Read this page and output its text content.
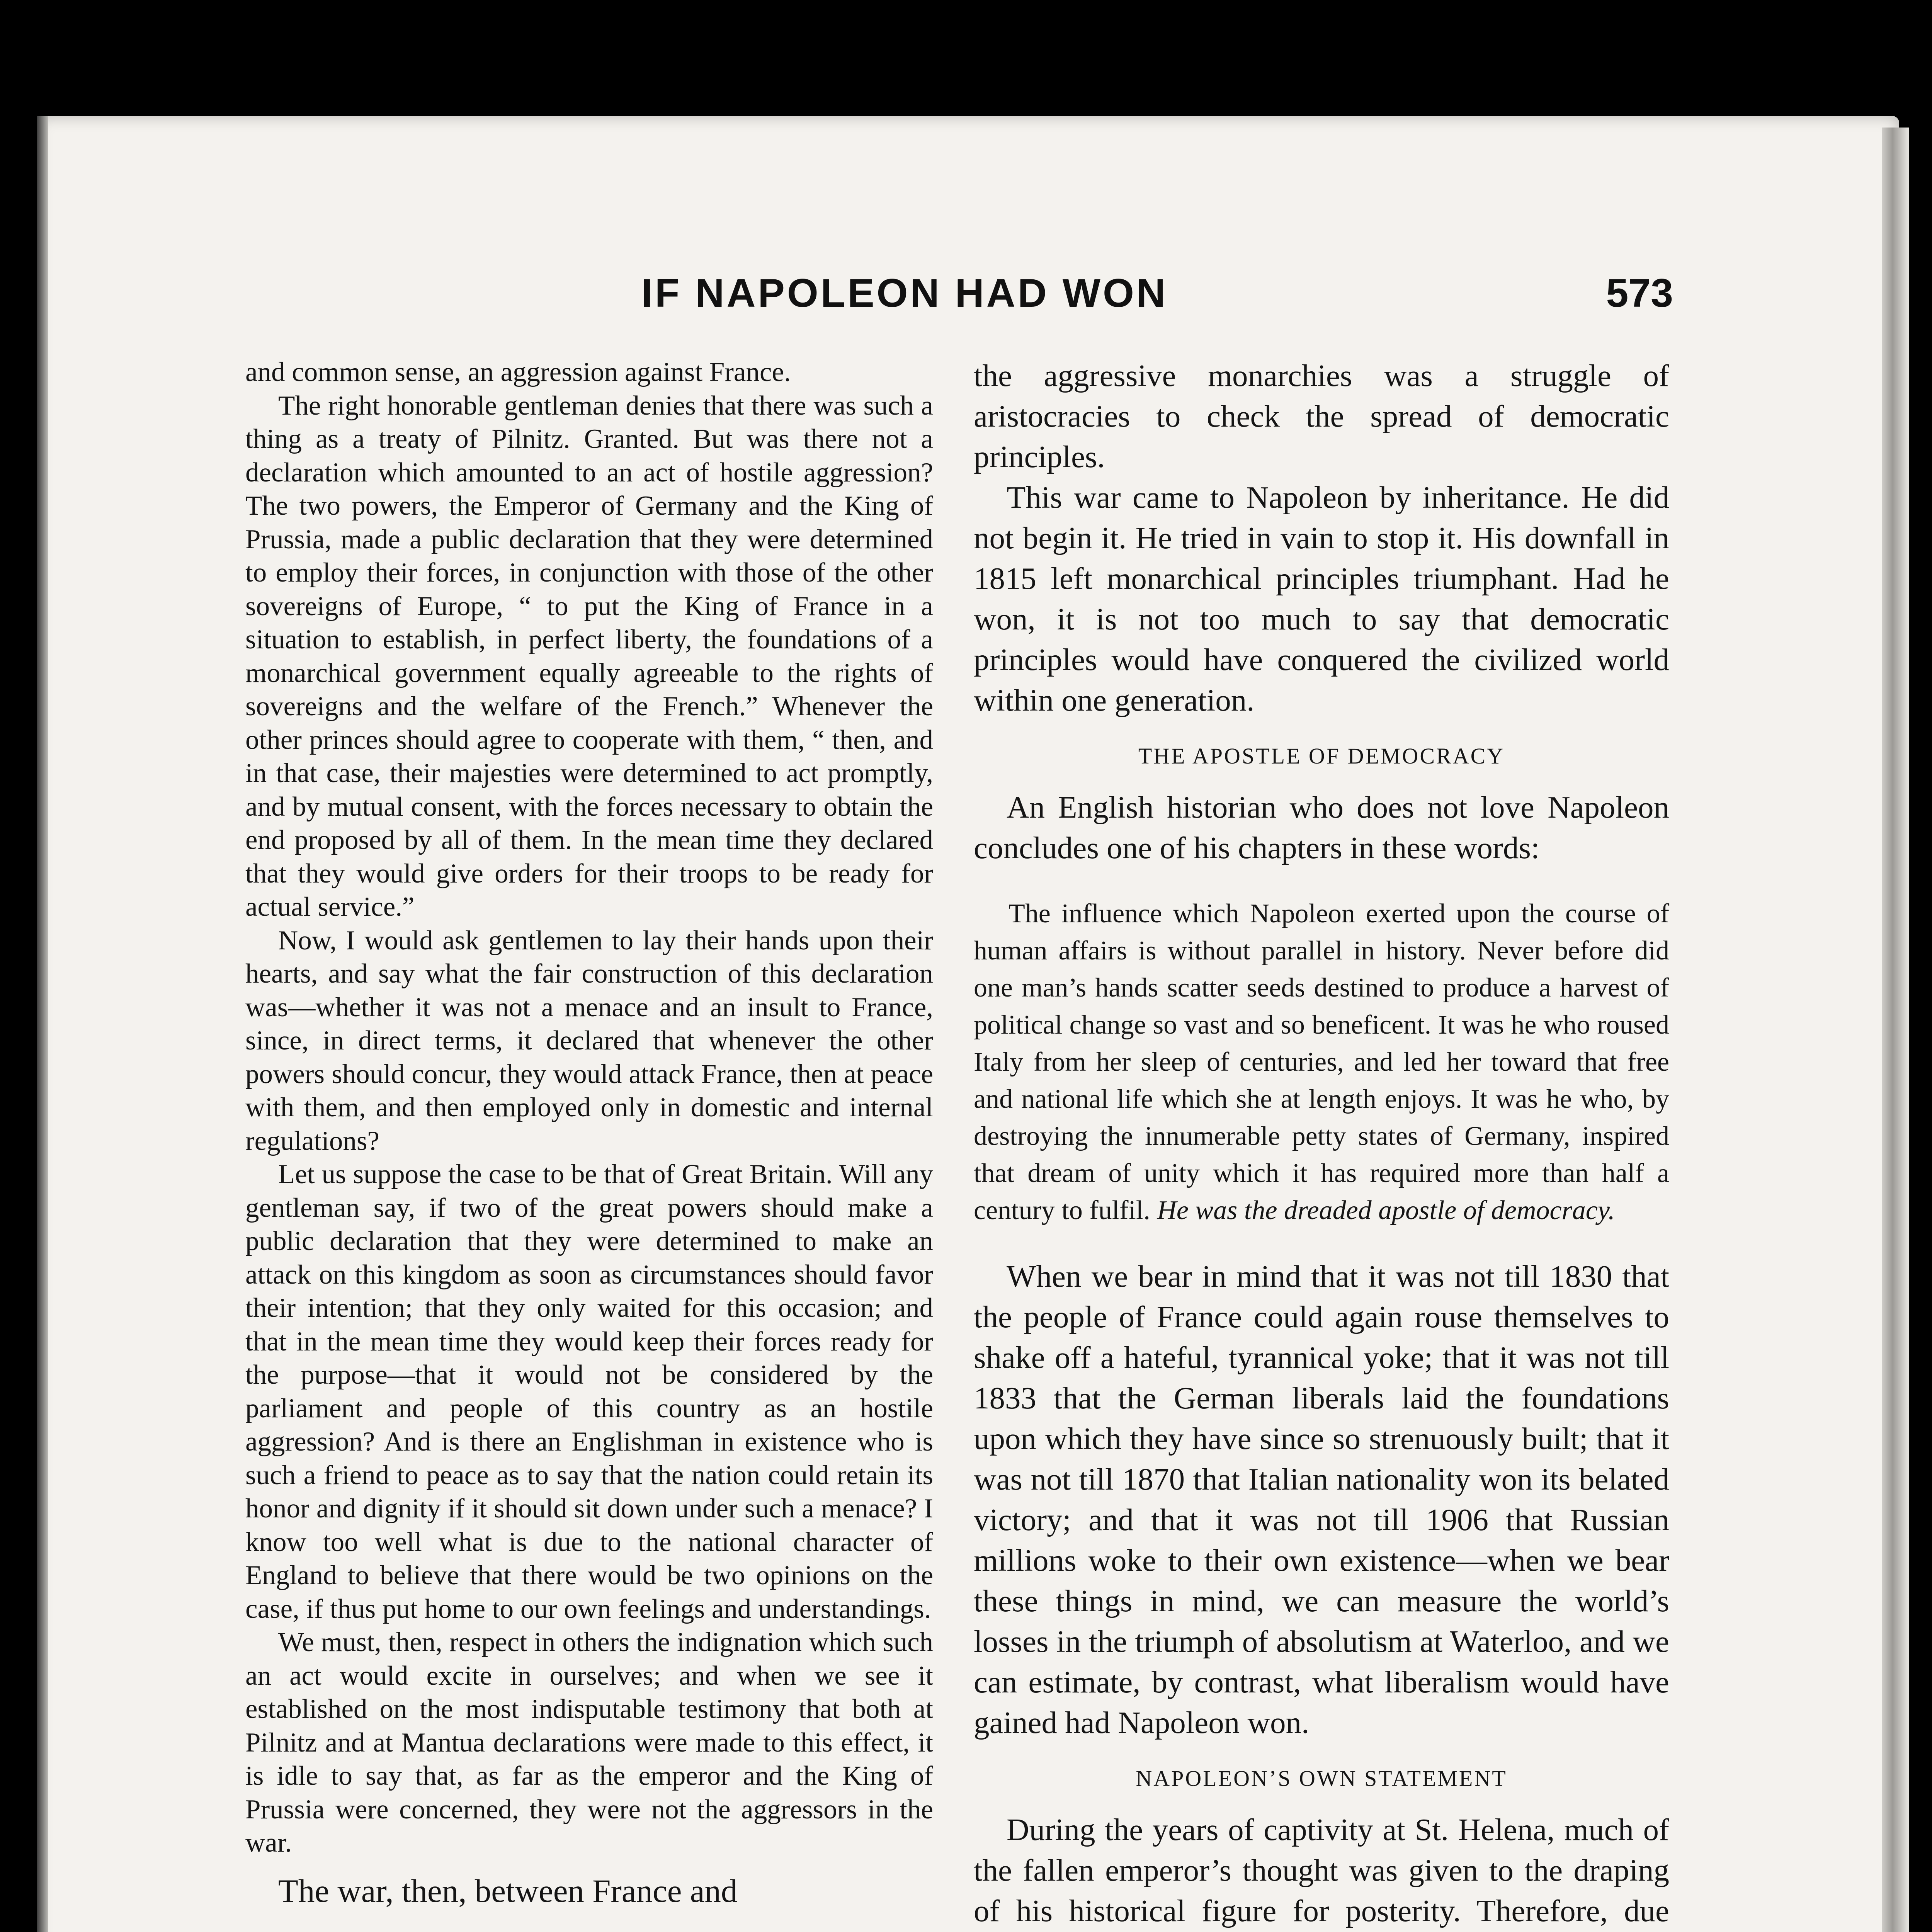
IF NAPOLEON HAD WON	573

and common sense, an aggression against France.

The right honorable gentleman denies that there was such a thing as a treaty of Pilnitz. Granted. But was there not a declaration which amounted to an act of hostile aggression? The two powers, the Emperor of Germany and the King of Prussia, made a public declaration that they were determined to employ their forces, in conjunction with those of the other sovereigns of Europe, “ to put the King of France in a situation to establish, in perfect liberty, the foundations of a monarchical government equally agreeable to the rights of sovereigns and the welfare of the French.” Whenever the other princes should agree to cooperate with them, “ then, and in that case, their majesties were determined to act promptly, and by mutual consent, with the forces necessary to obtain the end proposed by all of them. In the mean time they declared that they would give orders for their troops to be ready for actual service.”

Now, I would ask gentlemen to lay their hands upon their hearts, and say what the fair construction of this declaration was—whether it was not a menace and an insult to France, since, in direct terms, it declared that whenever the other powers should concur, they would attack France, then at peace with them, and then employed only in domestic and internal regulations?

Let us suppose the case to be that of Great Britain. Will any gentleman say, if two of the great powers should make a public declaration that they were determined to make an attack on this kingdom as soon as circumstances should favor their intention; that they only waited for this occasion; and that in the mean time they would keep their forces ready for the purpose—that it would not be considered by the parliament and people of this country as an hostile aggression? And is there an Englishman in existence who is such a friend to peace as to say that the nation could retain its honor and dignity if it should sit down under such a menace? I know too well what is due to the national character of England to believe that there would be two opinions on the case, if thus put home to our own feelings and understandings.

We must, then, respect in others the indignation which such an act would excite in ourselves; and when we see it established on the most indisputable testimony that both at Pilnitz and at Mantua declarations were made to this effect, it is idle to say that, as far as the emperor and the King of Prussia were concerned, they were not the aggressors in the war.

The war, then, between France and

the aggressive monarchies was a struggle of aristocracies to check the spread of democratic principles.

This war came to Napoleon by inheritance. He did not begin it. He tried in vain to stop it. His downfall in 1815 left monarchical principles triumphant. Had he won, it is not too much to say that democratic principles would have conquered the civilized world within one generation.

THE APOSTLE OF DEMOCRACY

An English historian who does not love Napoleon concludes one of his chapters in these words:

The influence which Napoleon exerted upon the course of human affairs is without parallel in history. Never before did one man’s hands scatter seeds destined to produce a harvest of political change so vast and so beneficent. It was he who roused Italy from her sleep of centuries, and led her toward that free and national life which she at length enjoys. It was he who, by destroying the innumerable petty states of Germany, inspired that dream of unity which it has required more than half a century to fulfil. He was the dreaded apostle of democracy.

When we bear in mind that it was not till 1830 that the people of France could again rouse themselves to shake off a hateful, tyrannical yoke; that it was not till 1833 that the German liberals laid the foundations upon which they have since so strenuously built; that it was not till 1870 that Italian nationality won its belated victory; and that it was not till 1906 that Russian millions woke to their own existence—when we bear these things in mind, we can measure the world’s losses in the triumph of absolutism at Waterloo, and we can estimate, by contrast, what liberalism would have gained had Napoleon won.

NAPOLEON’S OWN STATEMENT

During the years of captivity at St. Helena, much of the fallen emperor’s thought was given to the draping of his historical figure for posterity. Therefore, due
